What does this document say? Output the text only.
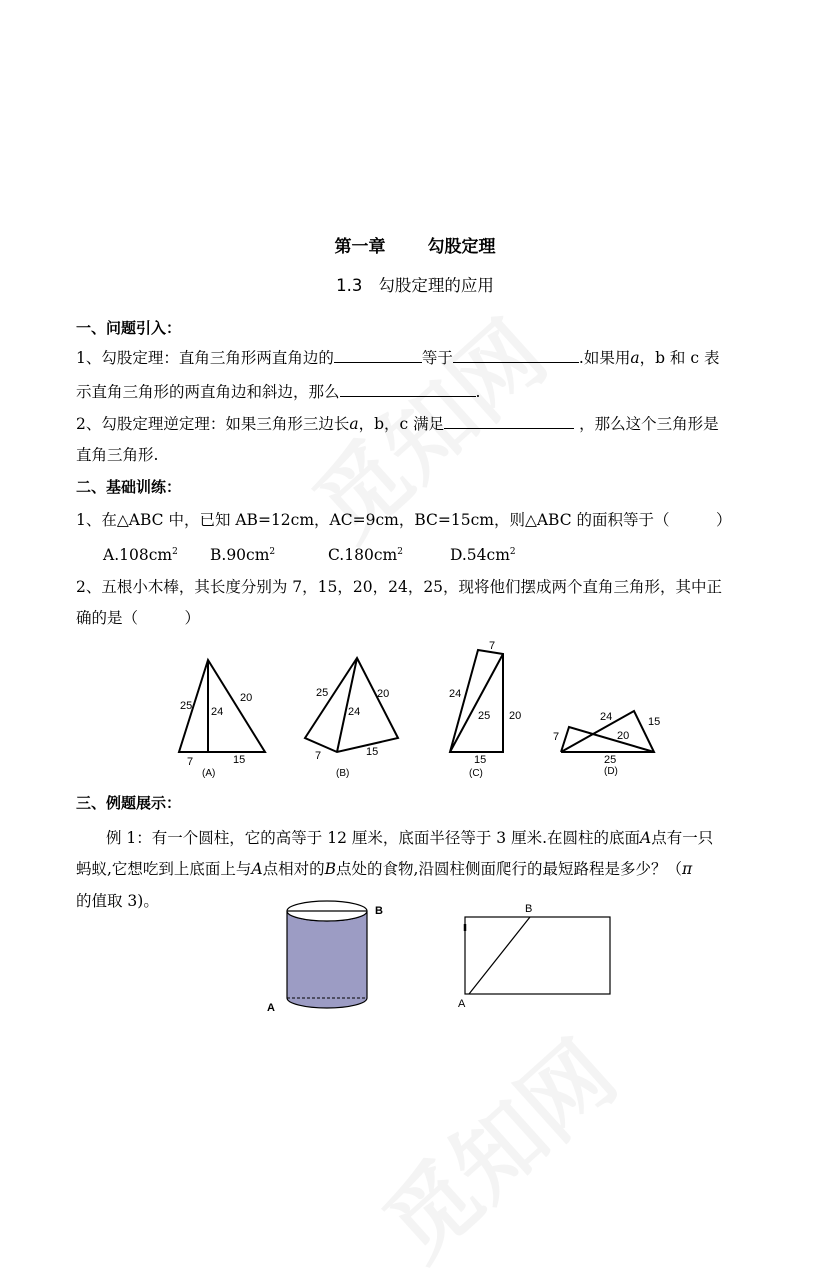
第一章 勾股定理
1.3 勾股定理的应用
一、问题引入：
1、勾股定理：直角三角形两直角边的	等于	.如果用a，b 和 c 表
示直角三角形的两直角边和斜边，那么	.
2、勾股定理逆定理：如果三角形三边长a，b，c 满足	，那么这个三角形是
直角三角形.
二、基础训练：
1、在△ABC 中，已知 AB=12cm，AC=9cm，BC=15cm，则△ABC 的面积等于（　　　）
$A.108cm^2$ $B.90cm^2$	$C.180cm^2$	$D.54cm^2$
2、五根小木棒，其长度分别为 7，15，20，24，25，现将他们摆成两个直角三角形，其中正
确的是（　　　）
25 24
20
7	15
(A)
25	20
24
7	15
(B)
7
24
25 20
15
(C)
24	15
7	20
25
(D)
三、例题展示：
例 1：有一个圆柱，它的高等于 12 厘米，底面半径等于 3 厘米.在圆柱的底面A点有一只
蚂蚁,它想吃到上底面上与A点相对的B点处的食物,沿圆柱侧面爬行的最短路程是多少？（π
的值取 3)。
B
A
B
A
